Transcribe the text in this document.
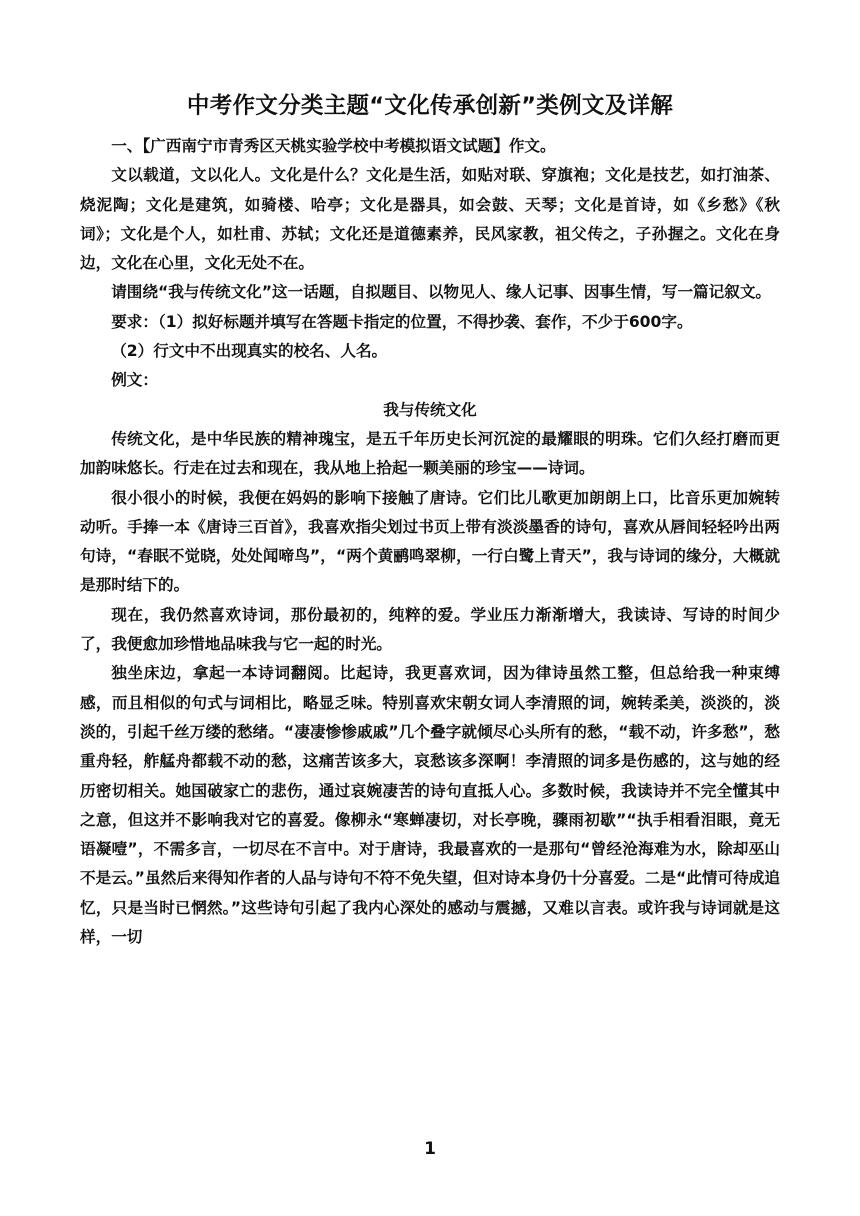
中考作文分类主题“文化传承创新”类例文及详解

一、【广西南宁市青秀区天桃实验学校中考模拟语文试题】作文。

文以载道，文以化人。文化是什么？文化是生活，如贴对联、穿旗袍；文化是技艺，如打油茶、烧泥陶；文化是建筑，如骑楼、哈亭；文化是器具，如会鼓、天琴；文化是首诗，如《乡愁》《秋词》；文化是个人，如杜甫、苏轼；文化还是道德素养，民风家教，祖父传之，子孙握之。文化在身边，文化在心里，文化无处不在。

请围绕“我与传统文化”这一话题，自拟题目、以物见人、缘人记事、因事生情，写一篇记叙文。

要求：（1）拟好标题并填写在答题卡指定的位置，不得抄袭、套作，不少于600字。

（2）行文中不出现真实的校名、人名。

例文：

我与传统文化

传统文化，是中华民族的精神瑰宝，是五千年历史长河沉淀的最耀眼的明珠。它们久经打磨而更加韵味悠长。行走在过去和现在，我从地上拾起一颗美丽的珍宝——诗词。

很小很小的时候，我便在妈妈的影响下接触了唐诗。它们比儿歌更加朗朗上口，比音乐更加婉转动听。手捧一本《唐诗三百首》，我喜欢指尖划过书页上带有淡淡墨香的诗句，喜欢从唇间轻轻吟出两句诗，“春眠不觉晓，处处闻啼鸟”，“两个黄鹂鸣翠柳，一行白鹭上青天”，我与诗词的缘分，大概就是那时结下的。

现在，我仍然喜欢诗词，那份最初的，纯粹的爱。学业压力渐渐增大，我读诗、写诗的时间少了，我便愈加珍惜地品味我与它一起的时光。

独坐床边，拿起一本诗词翻阅。比起诗，我更喜欢词，因为律诗虽然工整，但总给我一种束缚感，而且相似的句式与词相比，略显乏味。特别喜欢宋朝女词人李清照的词，婉转柔美，淡淡的，淡淡的，引起千丝万缕的愁绪。“凄凄惨惨戚戚”几个叠字就倾尽心头所有的愁，“载不动，许多愁”，愁重舟轻，舴艋舟都载不动的愁，这痛苦该多大，哀愁该多深啊！李清照的词多是伤感的，这与她的经历密切相关。她国破家亡的悲伤，通过哀婉凄苦的诗句直抵人心。多数时候，我读诗并不完全懂其中之意，但这并不影响我对它的喜爱。像柳永“寒蝉凄切，对长亭晚，骤雨初歇”“执手相看泪眼，竟无语凝噎”，不需多言，一切尽在不言中。对于唐诗，我最喜欢的一是那句“曾经沧海难为水，除却巫山不是云。”虽然后来得知作者的人品与诗句不符不免失望，但对诗本身仍十分喜爱。二是“此情可待成追忆，只是当时已惘然。”这些诗句引起了我内心深处的感动与震撼，又难以言表。或许我与诗词就是这样，一切

1
